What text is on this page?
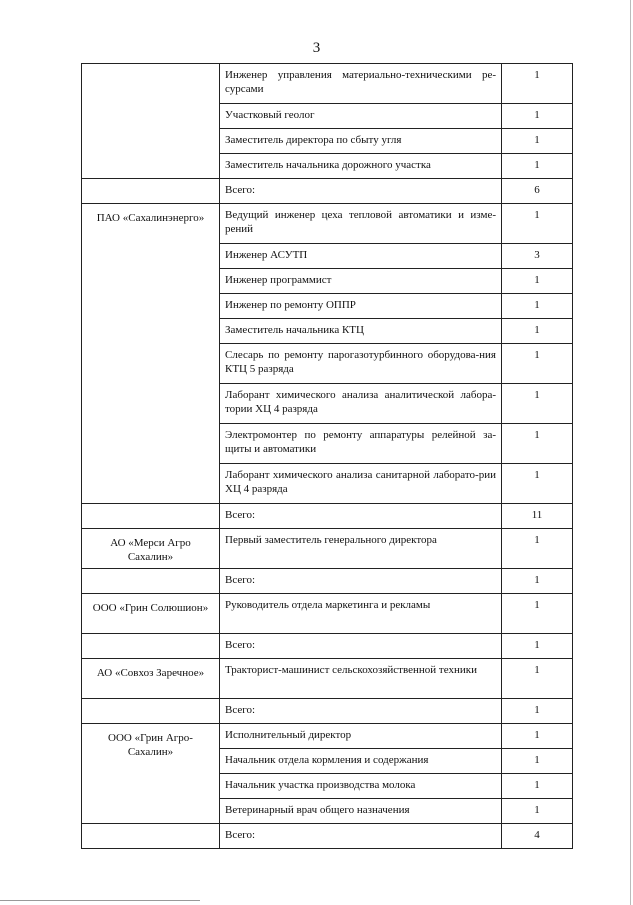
3
	Инженер управления материально-техническими ре-сурсами	1
	Участковый геолог	1
	Заместитель директора по сбыту угля	1
	Заместитель начальника дорожного участка	1
	Всего:	6
ПАО «Сахалинэнерго»	Ведущий инженер цеха тепловой автоматики и изме-рений	1
	Инженер АСУТП	3
	Инженер программист	1
	Инженер по ремонту ОППР	1
	Заместитель начальника КТЦ	1
	Слесарь по ремонту парогазотурбинного оборудова-ния КТЦ 5 разряда	1
	Лаборант химического анализа аналитической лабора-тории ХЦ 4 разряда	1
	Электромонтер по ремонту аппаратуры релейной за-щиты и автоматики	1
	Лаборант химического анализа санитарной лаборато-рии ХЦ 4 разряда	1
	Всего:	11
АО «Мерси Агро Сахалин»	Первый заместитель генерального директора	1
	Всего:	1
ООО «Грин Солюшион»	Руководитель отдела маркетинга и рекламы	1
	Всего:	1
АО «Совхоз Заречное»	Тракторист-машинист сельскохозяйственной техники	1
	Всего:	1
ООО «Грин Агро-Сахалин»	Исполнительный директор	1
	Начальник отдела кормления и содержания	1
	Начальник участка производства молока	1
	Ветеринарный врач общего назначения	1
	Всего:	4
